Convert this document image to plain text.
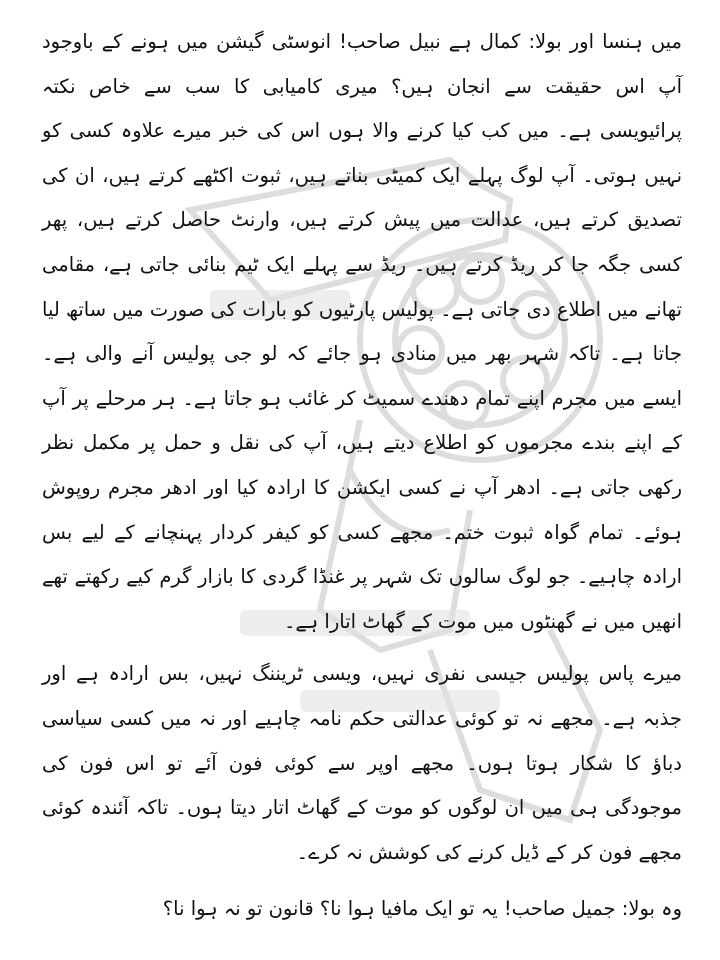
میں ہنسا اور بولا: کمال ہے نبیل صاحب! انوسٹی گیشن میں ہونے کے باوجود آپ اس حقیقت سے انجان ہیں؟ میری کامیابی کا سب سے خاص نکتہ پرائیویسی ہے۔ میں کب کیا کرنے والا ہوں اس کی خبر میرے علاوہ کسی کو نہیں ہوتی۔ آپ لوگ پہلے ایک کمیٹی بناتے ہیں، ثبوت اکٹھے کرتے ہیں، ان کی تصدیق کرتے ہیں، عدالت میں پیش کرتے ہیں، وارنٹ حاصل کرتے ہیں، پھر کسی جگہ جا کر ریڈ کرتے ہیں۔ ریڈ سے پہلے ایک ٹیم بنائی جاتی ہے، مقامی تھانے میں اطلاع دی جاتی ہے۔ پولیس پارٹیوں کو بارات کی صورت میں ساتھ لیا جاتا ہے۔ تاکہ شہر بھر میں منادی ہو جائے کہ لو جی پولیس آنے والی ہے۔ ایسے میں مجرم اپنے تمام دھندے سمیٹ کر غائب ہو جاتا ہے۔ ہر مرحلے پر آپ کے اپنے بندے مجرموں کو اطلاع دیتے ہیں، آپ کی نقل و حمل پر مکمل نظر رکھی جاتی ہے۔ ادھر آپ نے کسی ایکشن کا ارادہ کیا اور ادھر مجرم روپوش ہوئے۔ تمام گواہ ثبوت ختم۔ مجھے کسی کو کیفر کردار پہنچانے کے لیے بس ارادہ چاہیے۔ جو لوگ سالوں تک شہر پر غنڈا گردی کا بازار گرم کیے رکھتے تھے انھیں میں نے گھنٹوں میں موت کے گھاٹ اتارا ہے۔

میرے پاس پولیس جیسی نفری نہیں، ویسی ٹریننگ نہیں، بس ارادہ ہے اور جذبہ ہے۔ مجھے نہ تو کوئی عدالتی حکم نامہ چاہیے اور نہ میں کسی سیاسی دباؤ کا شکار ہوتا ہوں۔ مجھے اوپر سے کوئی فون آئے تو اس فون کی موجودگی ہی میں ان لوگوں کو موت کے گھاٹ اتار دیتا ہوں۔ تاکہ آئندہ کوئی مجھے فون کر کے ڈیل کرنے کی کوشش نہ کرے۔

وہ بولا: جمیل صاحب! یہ تو ایک مافیا ہوا نا؟ قانون تو نہ ہوا نا؟
